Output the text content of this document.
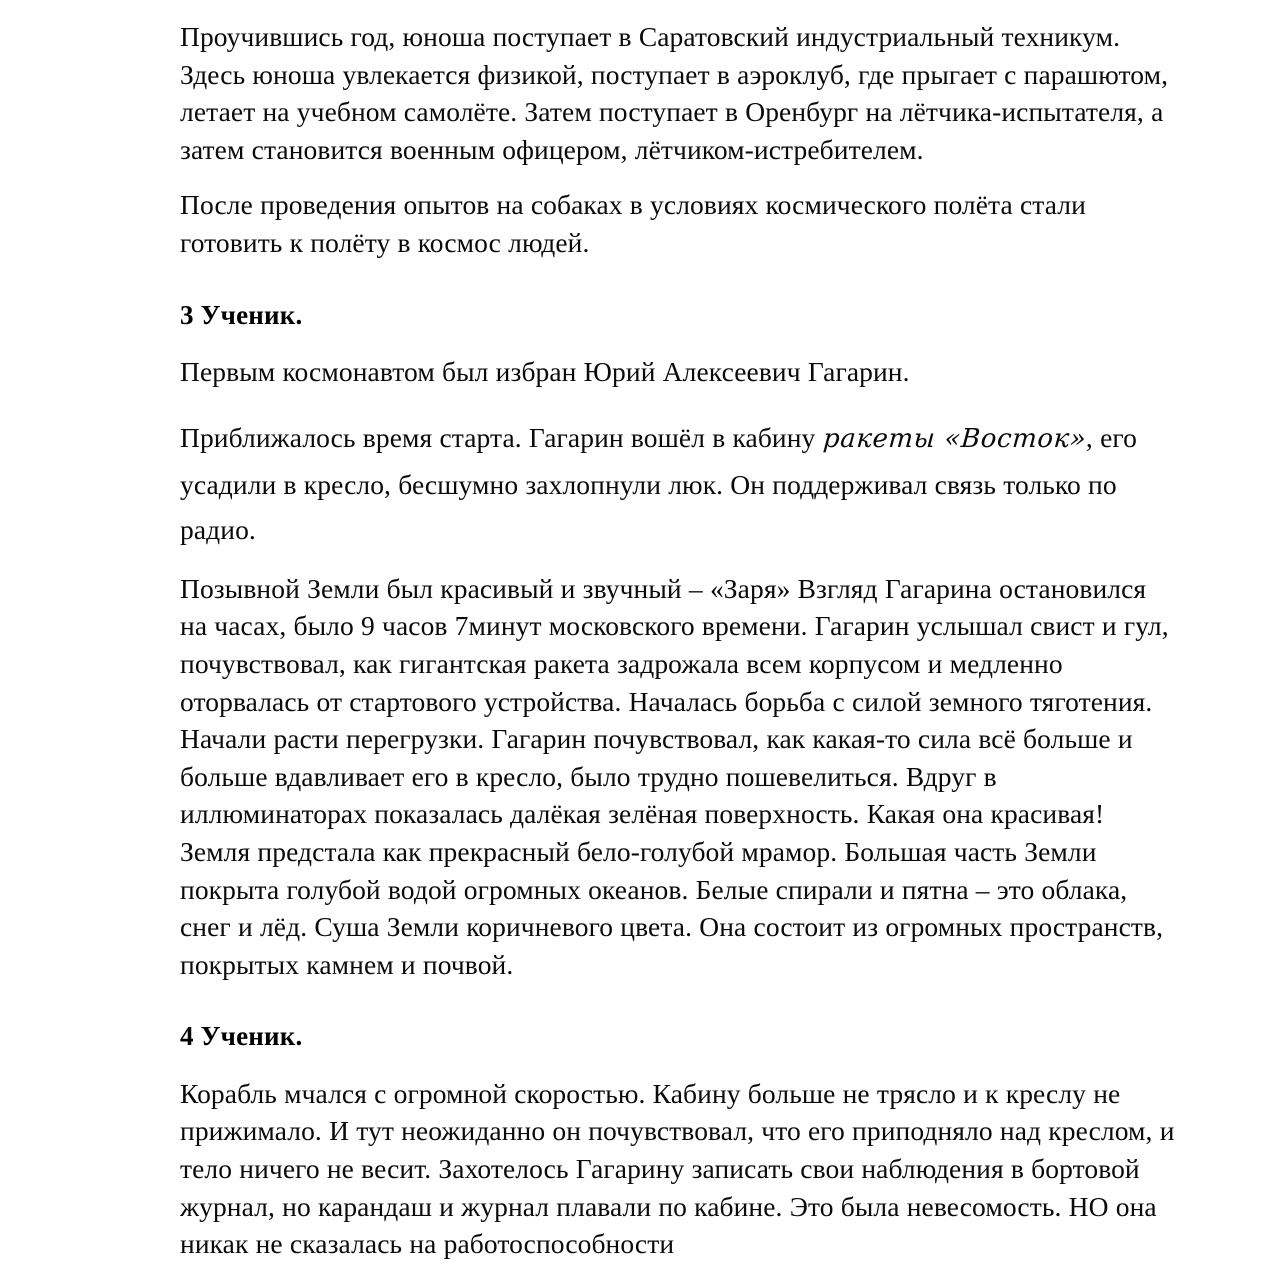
Проучившись год, юноша поступает в Саратовский индустриальный техникум. Здесь юноша увлекается физикой, поступает в аэроклуб, где прыгает с парашютом, летает на учебном самолёте. Затем поступает в Оренбург на лётчика-испытателя, а затем становится военным офицером, лётчиком-истребителем.

После проведения опытов на собаках в условиях космического полёта стали готовить к полёту в космос людей.

3 Ученик.

Первым космонавтом был избран Юрий Алексеевич Гагарин.

Приближалось время старта. Гагарин вошёл в кабину ракеты «Восток», его усадили в кресло, бесшумно захлопнули люк. Он поддерживал связь только по радио.

Позывной Земли был красивый и звучный – «Заря» Взгляд Гагарина остановился на часах, было 9 часов 7минут московского времени. Гагарин услышал свист и гул, почувствовал, как гигантская ракета задрожала всем корпусом и медленно оторвалась от стартового устройства. Началась борьба с силой земного тяготения. Начали расти перегрузки. Гагарин почувствовал, как какая-то сила всё больше и больше вдавливает его в кресло, было трудно пошевелиться. Вдруг в иллюминаторах показалась далёкая зелёная поверхность. Какая она красивая! Земля предстала как прекрасный бело-голубой мрамор. Большая часть Земли покрыта голубой водой огромных океанов. Белые спирали и пятна – это облака, снег и лёд. Суша Земли коричневого цвета. Она состоит из огромных пространств, покрытых камнем и почвой.

4 Ученик.

Корабль мчался с огромной скоростью. Кабину больше не трясло и к креслу не прижимало. И тут неожиданно он почувствовал, что его приподняло над креслом, и тело ничего не весит. Захотелось Гагарину записать свои наблюдения в бортовой журнал, но карандаш и журнал плавали по кабине. Это была невесомость. НО она никак не сказалась на работоспособности
